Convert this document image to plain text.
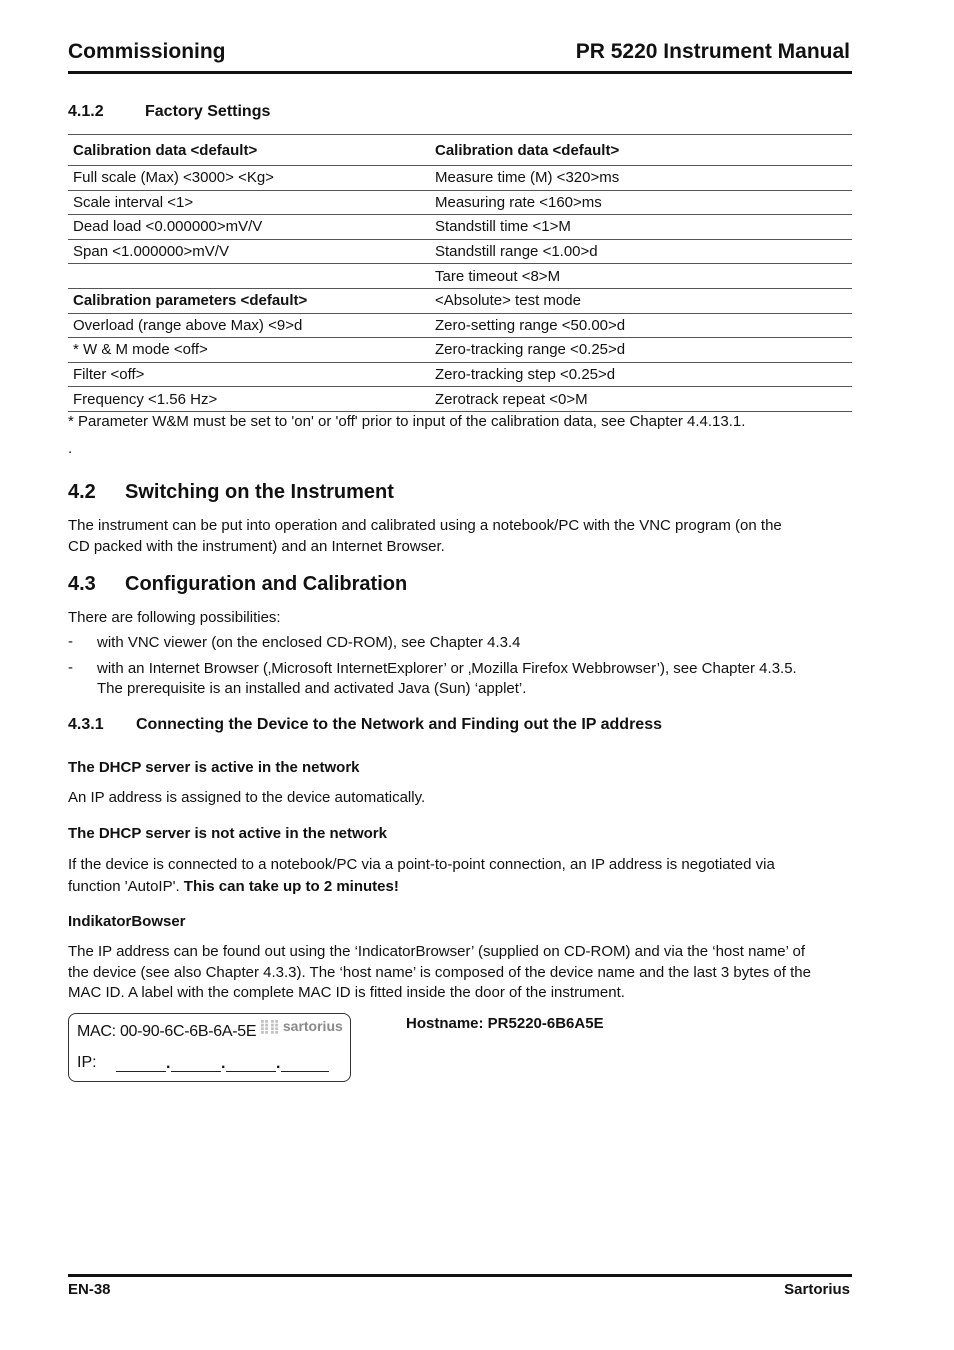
Commissioning	PR 5220 Instrument Manual
4.1.2	Factory Settings
Calibration data <default>	Calibration data <default>
Full scale (Max) <3000> <Kg>	Measure time (M) <320>ms
Scale interval <1>	Measuring rate <160>ms
Dead load <0.000000>mV/V	Standstill time <1>M
Span <1.000000>mV/V	Standstill range <1.00>d
	Tare timeout <8>M
Calibration parameters <default>	<Absolute> test mode
Overload (range above Max) <9>d	Zero-setting range <50.00>d
* W & M mode <off>	Zero-tracking range <0.25>d
Filter <off>	Zero-tracking step <0.25>d
Frequency <1.56 Hz>	Zerotrack repeat <0>M
* Parameter W&M must be set to 'on' or 'off' prior to input of the calibration data, see Chapter 4.4.13.1.
.
4.2 Switching on the Instrument
The instrument can be put into operation and calibrated using a notebook/PC with the VNC program (on the
CD packed with the instrument) and an Internet Browser.
4.3 Configuration and Calibration
There are following possibilities:
- with VNC viewer (on the enclosed CD-ROM), see Chapter 4.3.4
- with an Internet Browser (‚Microsoft InternetExplorer’ or ‚Mozilla Firefox Webbrowser’), see Chapter 4.3.5.
The prerequisite is an installed and activated Java (Sun) ‘applet’.
4.3.1 Connecting the Device to the Network and Finding out the IP address
The DHCP server is active in the network
An IP address is assigned to the device automatically.
The DHCP server is not active in the network
If the device is connected to a notebook/PC via a point-to-point connection, an IP address is negotiated via
function 'AutoIP'. This can take up to 2 minutes!
IndikatorBowser
The IP address can be found out using the ‘IndicatorBrowser’ (supplied on CD-ROM) and via the ‘host name’ of
the device (see also Chapter 4.3.3). The ‘host name’ is composed of the device name and the last 3 bytes of the
MAC ID. A label with the complete MAC ID is fitted inside the door of the instrument.
MAC: 00-90-6C-6B-6A-5E ⣿⣿ sartorius
IP:	.	.	.
Hostname: PR5220-6B6A5E
EN-38	Sartorius
